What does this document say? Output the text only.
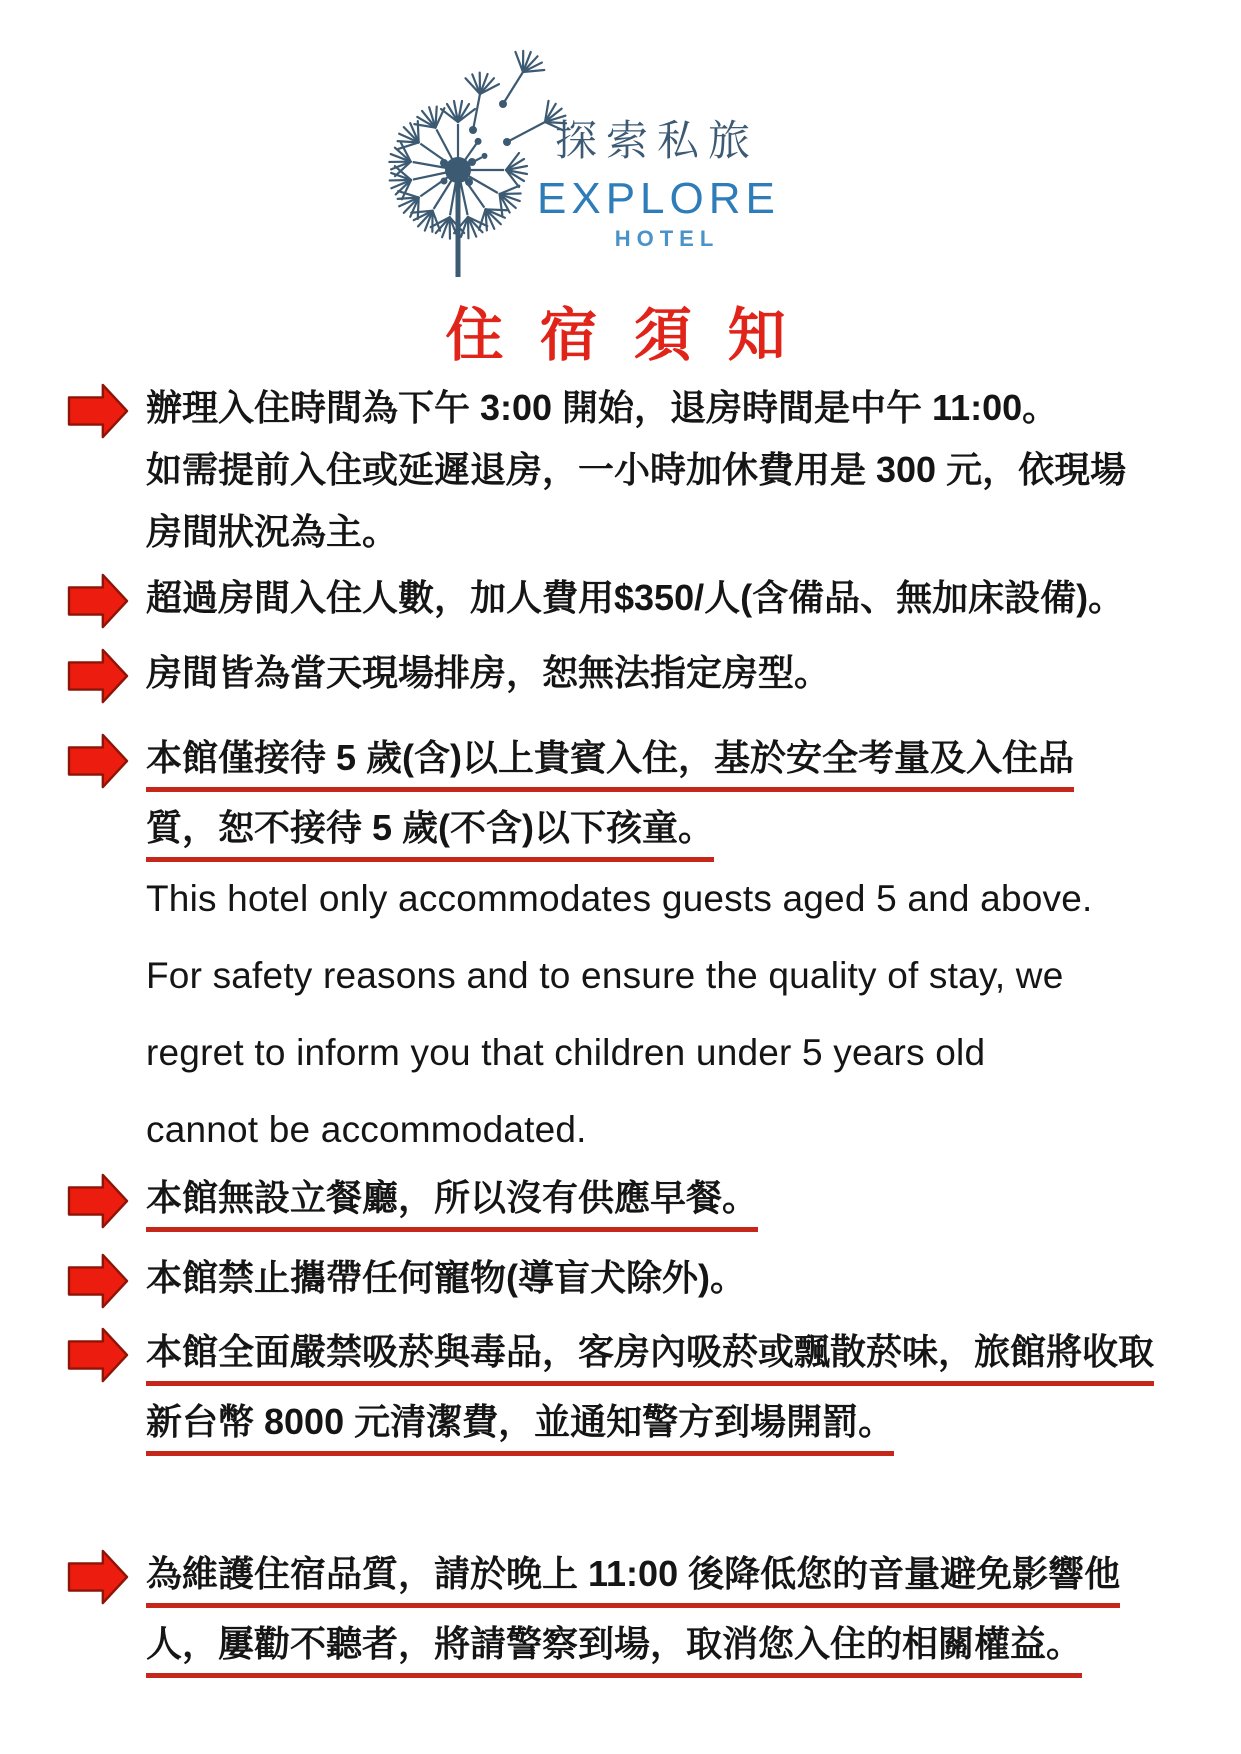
探索私旅
EXPLORE
HOTEL
住 宿 須 知
辦理入住時間為下午 3:00 開始，退房時間是中午 11:00。
如需提前入住或延遲退房，一小時加休費用是 300 元，依現場
房間狀況為主。
超過房間入住人數，加人費用$350/人(含備品、無加床設備)。
房間皆為當天現場排房，恕無法指定房型。
本館僅接待 5 歲(含)以上貴賓入住，基於安全考量及入住品
質，恕不接待 5 歲(不含)以下孩童。
This hotel only accommodates guests aged 5 and above.
For safety reasons and to ensure the quality of stay, we
regret to inform you that children under 5 years old
cannot be accommodated.
本館無設立餐廳，所以沒有供應早餐。
本館禁止攜帶任何寵物(導盲犬除外)。
本館全面嚴禁吸菸與毒品，客房內吸菸或飄散菸味，旅館將收取
新台幣 8000 元清潔費，並通知警方到場開罰。
為維護住宿品質，請於晚上 11:00 後降低您的音量避免影響他
人，屢勸不聽者，將請警察到場，取消您入住的相關權益。
